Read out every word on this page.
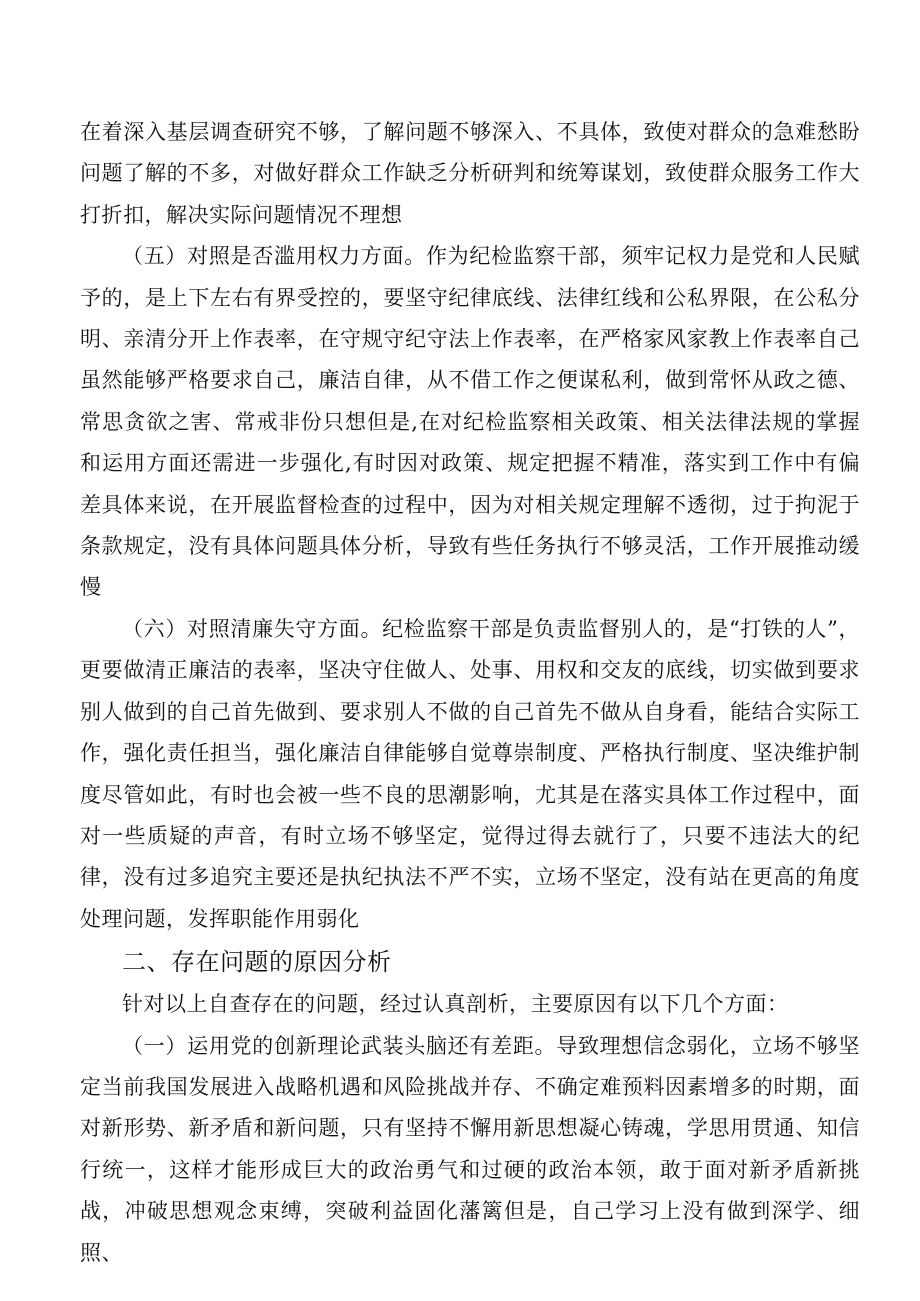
在着深入基层调查研究不够，了解问题不够深入、不具体，致使对群众的急难愁盼问题了解的不多，对做好群众工作缺乏分析研判和统筹谋划，致使群众服务工作大打折扣，解决实际问题情况不理想

（五）对照是否滥用权力方面。作为纪检监察干部，须牢记权力是党和人民赋予的，是上下左右有界受控的，要坚守纪律底线、法律红线和公私界限，在公私分明、亲清分开上作表率，在守规守纪守法上作表率，在严格家风家教上作表率自己虽然能够严格要求自己，廉洁自律，从不借工作之便谋私利，做到常怀从政之德、常思贪欲之害、常戒非份只想但是,在对纪检监察相关政策、相关法律法规的掌握和运用方面还需进一步强化,有时因对政策、规定把握不精准，落实到工作中有偏差具体来说，在开展监督检查的过程中，因为对相关规定理解不透彻，过于拘泥于条款规定，没有具体问题具体分析，导致有些任务执行不够灵活，工作开展推动缓慢

（六）对照清廉失守方面。纪检监察干部是负责监督别人的，是“打铁的人”，更要做清正廉洁的表率，坚决守住做人、处事、用权和交友的底线，切实做到要求别人做到的自己首先做到、要求别人不做的自己首先不做从自身看，能结合实际工作，强化责任担当，强化廉洁自律能够自觉尊崇制度、严格执行制度、坚决维护制度尽管如此，有时也会被一些不良的思潮影响，尤其是在落实具体工作过程中，面对一些质疑的声音，有时立场不够坚定，觉得过得去就行了，只要不违法大的纪律，没有过多追究主要还是执纪执法不严不实，立场不坚定，没有站在更高的角度处理问题，发挥职能作用弱化

二、存在问题的原因分析

针对以上自查存在的问题，经过认真剖析，主要原因有以下几个方面：

（一）运用党的创新理论武装头脑还有差距。导致理想信念弱化，立场不够坚定当前我国发展进入战略机遇和风险挑战并存、不确定难预料因素增多的时期，面对新形势、新矛盾和新问题，只有坚持不懈用新思想凝心铸魂，学思用贯通、知信行统一，这样才能形成巨大的政治勇气和过硬的政治本领，敢于面对新矛盾新挑战，冲破思想观念束缚，突破利益固化藩篱但是，自己学习上没有做到深学、细照、
